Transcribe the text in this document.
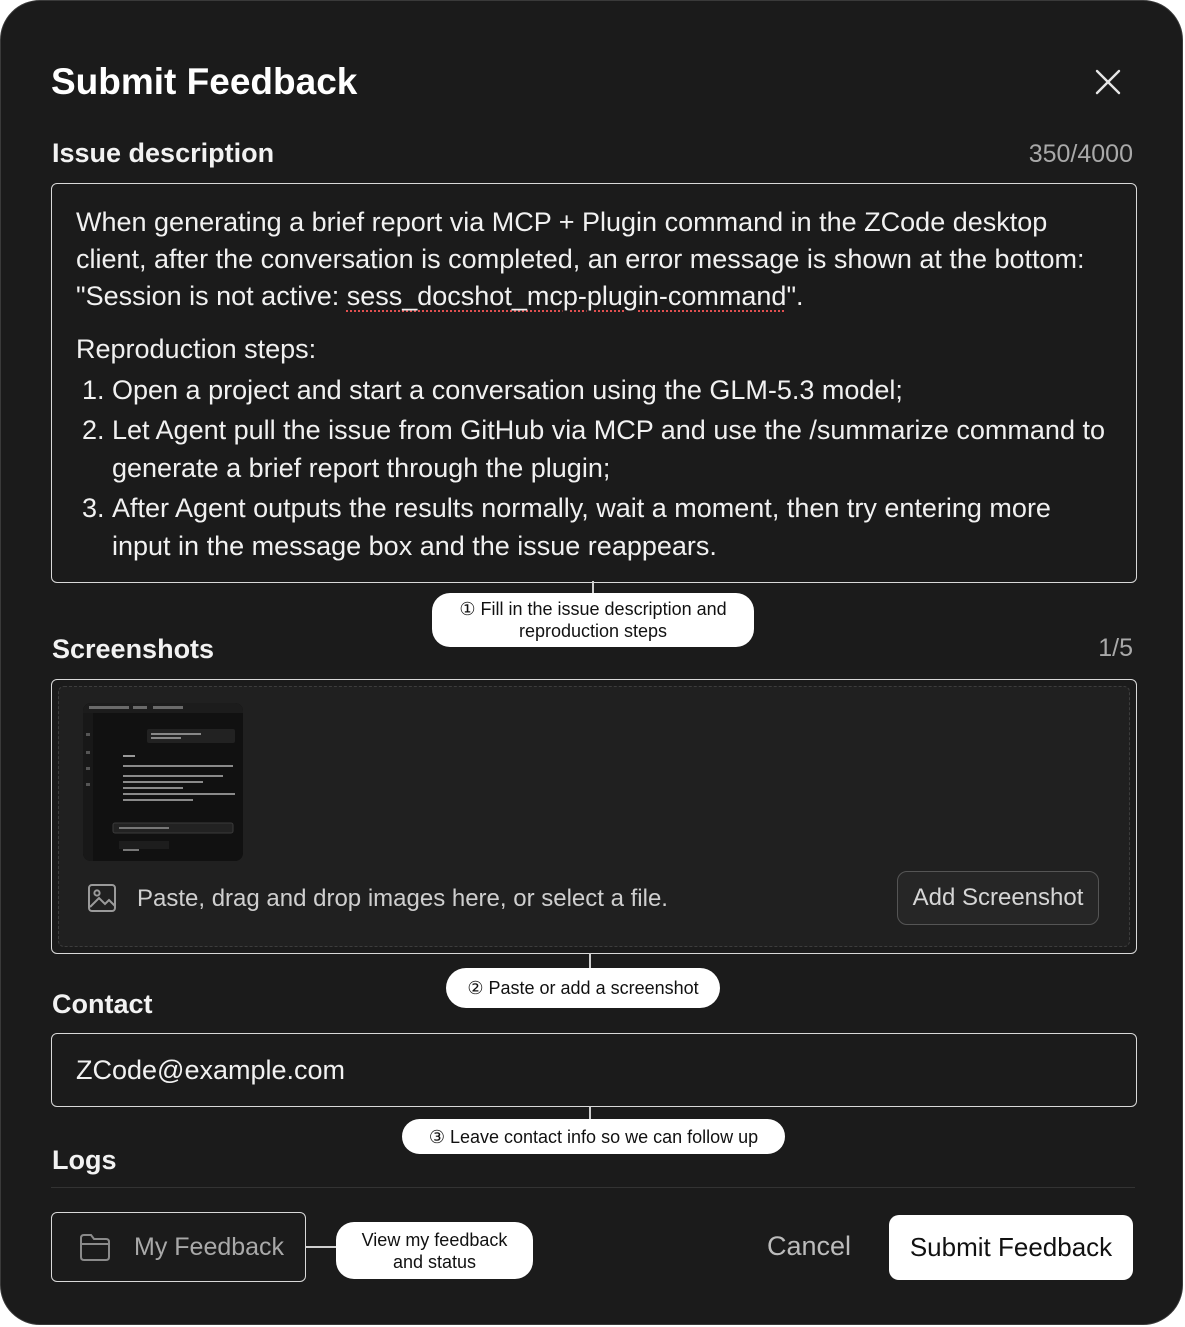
Submit Feedback
Issue description	350/4000

When generating a brief report via MCP + Plugin command in the ZCode desktop client, after the conversation is completed, an error message is shown at the bottom: "Session is not active: sess_docshot_mcp-plugin-command".

Reproduction steps:

1. Open a project and start a conversation using the GLM-5.3 model;
2. Let Agent pull the issue from GitHub via MCP and use the /summarize command to generate a brief report through the plugin;
3. After Agent outputs the results normally, wait a moment, then try entering more input in the message box and the issue reappears.
① Fill in the issue description and
reproduction steps
Screenshots	1/5
Paste, drag and drop images here, or select a file.	Add Screenshot
② Paste or add a screenshot
Contact
ZCode@example.com
③ Leave contact info so we can follow up
Logs
My Feedback	View my feedback
and status
Cancel	Submit Feedback
